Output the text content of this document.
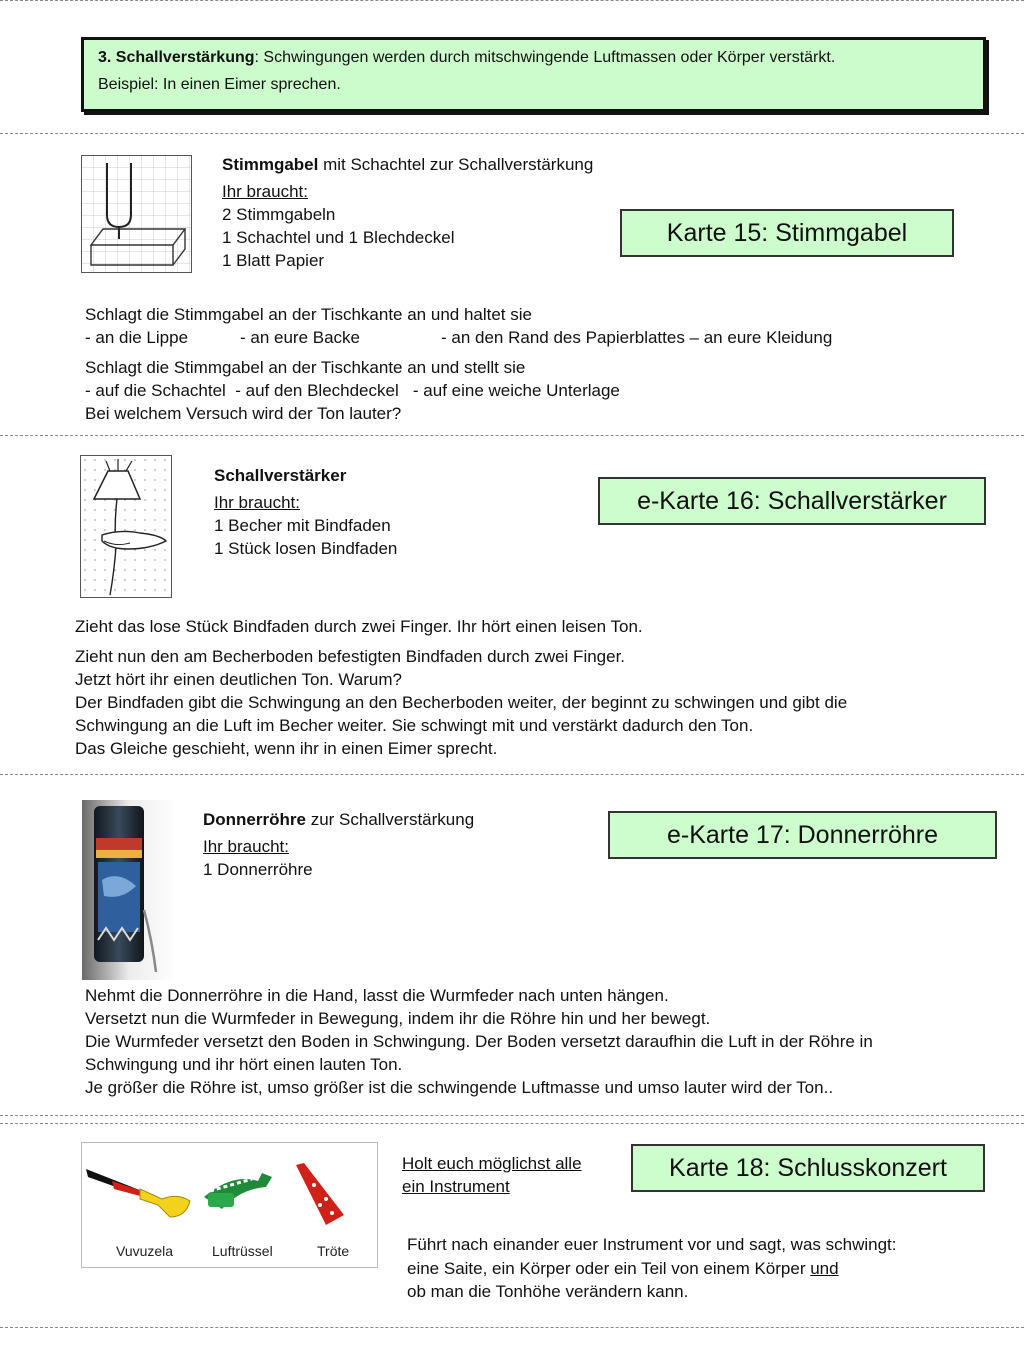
3. Schallverstärkung: Schwingungen werden durch mitschwingende Luftmassen oder Körper verstärkt.
Beispiel: In einen Eimer sprechen.
Stimmgabel mit Schachtel zur Schallverstärkung
Ihr braucht:
2 Stimmgabeln
1 Schachtel und 1 Blechdeckel
1 Blatt Papier
Karte 15: Stimmgabel
Schlagt die Stimmgabel an der Tischkante an und haltet sie
- an die Lippe	- an eure Backe	- an den Rand des Papierblattes – an eure Kleidung
Schlagt die Stimmgabel an der Tischkante an und stellt sie
- auf die Schachtel  - auf den Blechdeckel   - auf eine weiche Unterlage
Bei welchem Versuch wird der Ton lauter?
Schallverstärker
Ihr braucht:
1 Becher mit Bindfaden
1 Stück losen Bindfaden
e-Karte 16: Schallverstärker
Zieht das lose Stück Bindfaden durch zwei Finger. Ihr hört einen leisen Ton.
Zieht nun den am Becherboden befestigten Bindfaden durch zwei Finger.
Jetzt hört ihr einen deutlichen Ton. Warum?
Der Bindfaden gibt die Schwingung an den Becherboden weiter, der beginnt zu schwingen und gibt die
Schwingung an die Luft im Becher weiter. Sie schwingt mit und verstärkt dadurch den Ton.
Das Gleiche geschieht, wenn ihr in einen Eimer sprecht.
Donnerröhre zur Schallverstärkung
Ihr braucht:
1 Donnerröhre
e-Karte 17: Donnerröhre
Nehmt die Donnerröhre in die Hand, lasst die Wurmfeder nach unten hängen.
Versetzt nun die Wurmfeder in Bewegung, indem ihr die Röhre hin und her bewegt.
Die Wurmfeder versetzt den Boden in Schwingung. Der Boden versetzt daraufhin die Luft in der Röhre in
Schwingung und ihr hört einen lauten Ton.
Je größer die Röhre ist, umso größer ist die schwingende Luftmasse und umso lauter wird der Ton..
Vuvuzela	Luftrüssel	Tröte
Holt euch möglichst alle
ein Instrument
Karte 18: Schlusskonzert
Führt nach einander euer Instrument vor und sagt, was schwingt:
eine Saite, ein Körper oder ein Teil von einem Körper und
ob man die Tonhöhe verändern kann.
